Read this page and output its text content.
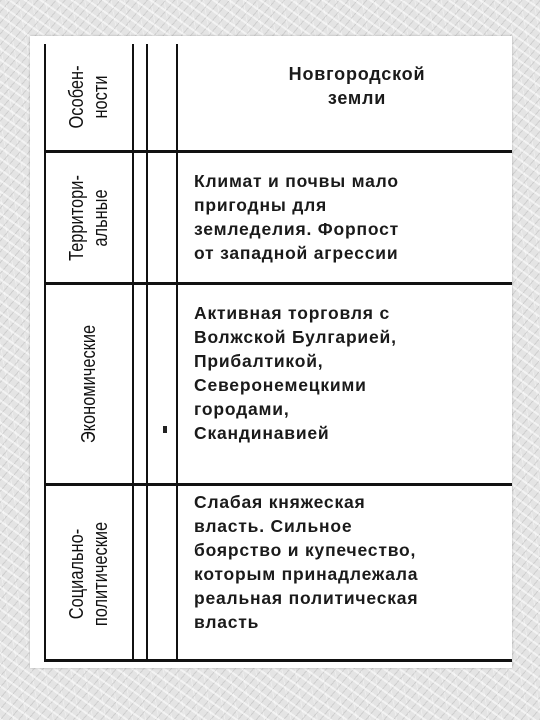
Особен-
ности
Новгородской
земли
Территори-
альные
Климат и почвы мало
пригодны для
земледелия. Форпост
от западной агрессии
Экономические
Активная торговля с
Волжской Булгарией,
Прибалтикой,
Северонемецкими
городами,
Скандинавией
Социально-
политические
Слабая княжеская
власть. Сильное
боярство и купечество,
которым принадлежала
реальная политическая
власть
